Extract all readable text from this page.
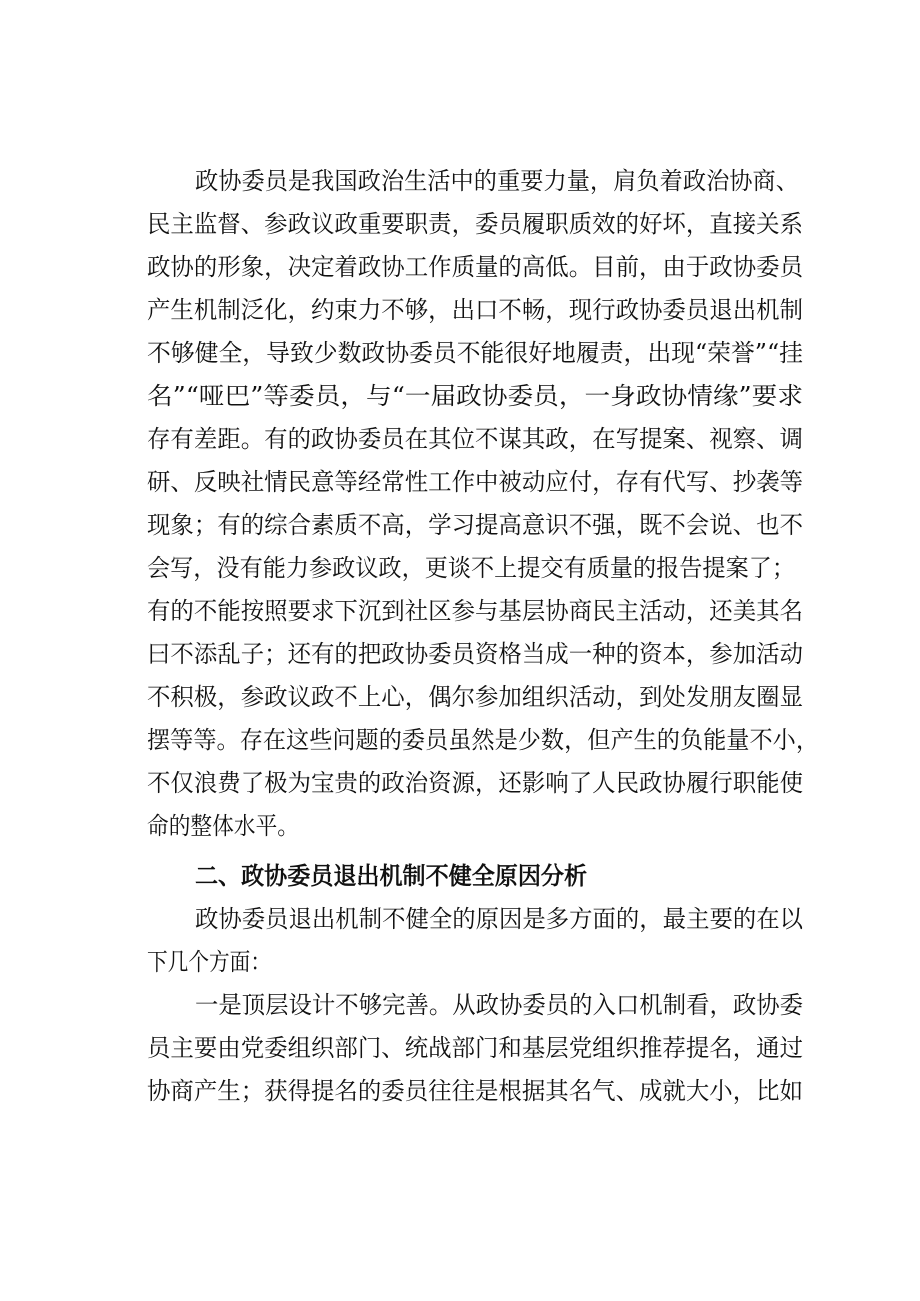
政协委员是我国政治生活中的重要力量，肩负着政治协商、
民主监督、参政议政重要职责，委员履职质效的好坏，直接关系
政协的形象，决定着政协工作质量的高低。目前，由于政协委员
产生机制泛化，约束力不够，出口不畅，现行政协委员退出机制
不够健全，导致少数政协委员不能很好地履责，出现“荣誉”“挂
名”“哑巴”等委员，与“一届政协委员，一身政协情缘”要求
存有差距。有的政协委员在其位不谋其政，在写提案、视察、调
研、反映社情民意等经常性工作中被动应付，存有代写、抄袭等
现象；有的综合素质不高，学习提高意识不强，既不会说、也不
会写，没有能力参政议政，更谈不上提交有质量的报告提案了；
有的不能按照要求下沉到社区参与基层协商民主活动，还美其名
曰不添乱子；还有的把政协委员资格当成一种的资本，参加活动
不积极，参政议政不上心，偶尔参加组织活动，到处发朋友圈显
摆等等。存在这些问题的委员虽然是少数，但产生的负能量不小，
不仅浪费了极为宝贵的政治资源，还影响了人民政协履行职能使
命的整体水平。
二、政协委员退出机制不健全原因分析
政协委员退出机制不健全的原因是多方面的，最主要的在以
下几个方面：
一是顶层设计不够完善。从政协委员的入口机制看，政协委
员主要由党委组织部门、统战部门和基层党组织推荐提名，通过
协商产生；获得提名的委员往往是根据其名气、成就大小，比如
